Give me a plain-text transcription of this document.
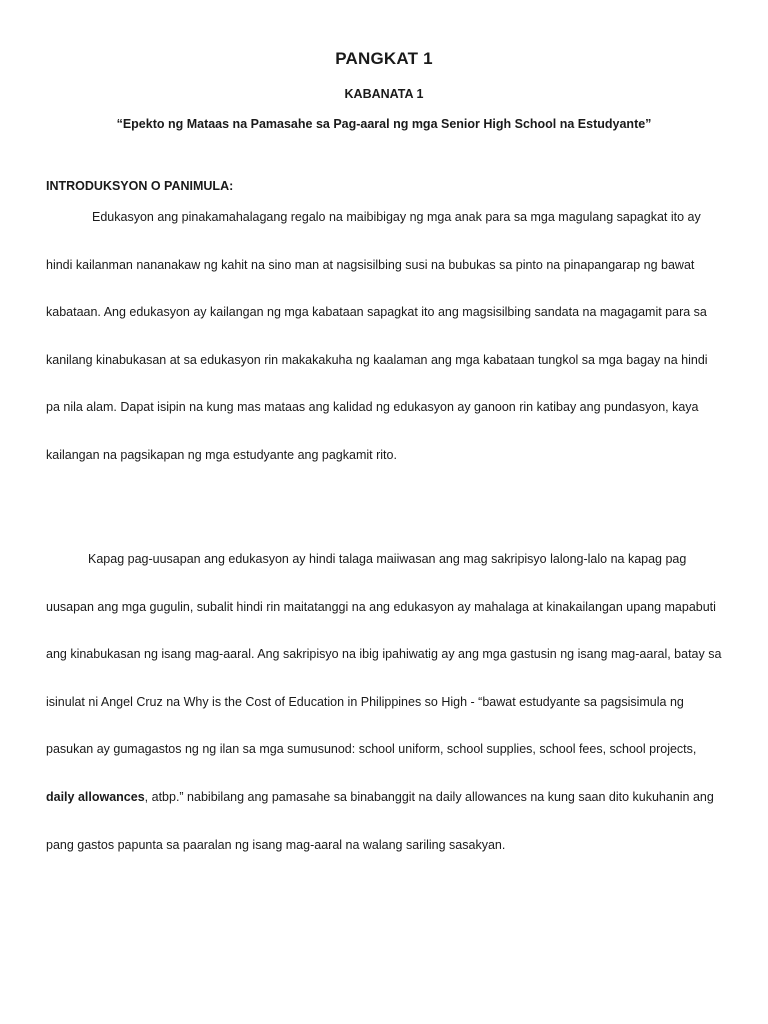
PANGKAT 1
KABANATA 1
“Epekto ng Mataas na Pamasahe sa Pag-aaral ng mga Senior High School na Estudyante”
INTRODUKSYON O PANIMULA:

Edukasyon ang pinakamahalagang regalo na maibibigay ng mga anak para sa mga magulang sapagkat ito ay hindi kailanman nananakaw ng kahit na sino man at nagsisilbing susi na bubukas sa pinto na pinapangarap ng bawat kabataan. Ang edukasyon ay kailangan ng mga kabataan sapagkat ito ang magsisilbing sandata na magagamit para sa kanilang kinabukasan at sa edukasyon rin makakakuha ng kaalaman ang mga kabataan tungkol sa mga bagay na hindi pa nila alam. Dapat isipin na kung mas mataas ang kalidad ng edukasyon ay ganoon rin katibay ang pundasyon, kaya kailangan na pagsikapan ng mga estudyante ang pagkamit rito.

Kapag pag-uusapan ang edukasyon ay hindi talaga maiiwasan ang mag sakripisyo lalong-lalo na kapag pag uusapan ang mga gugulin, subalit hindi rin maitatanggi na ang edukasyon ay mahalaga at kinakailangan upang mapabuti ang kinabukasan ng isang mag-aaral. Ang sakripisyo na ibig ipahiwatig ay ang mga gastusin ng isang mag-aaral, batay sa isinulat ni Angel Cruz na Why is the Cost of Education in Philippines so High - “bawat estudyante sa pagsisimula ng pasukan ay gumagastos ng ng ilan sa mga sumusunod: school uniform, school supplies, school fees, school projects, daily allowances, atbp.” nabibilang ang pamasahe sa binabanggit na daily allowances na kung saan dito kukuhanin ang pang gastos papunta sa paaralan ng isang mag-aaral na walang sariling sasakyan.
